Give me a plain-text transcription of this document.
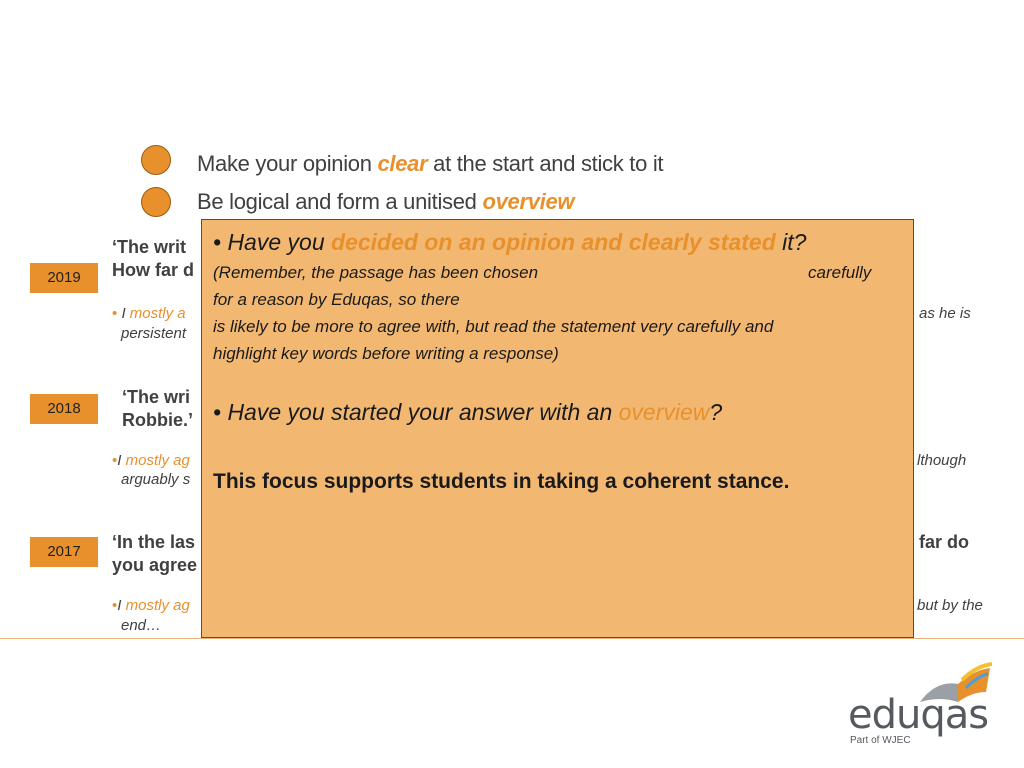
Make your opinion clear at the start and stick to it
Be logical and form a unitised overview
2019
2018
2017
‘The writ
How far d
• I mostly a	as he is
persistent
‘The wri
Robbie.’
•I mostly ag	lthough
arguably s
‘In the las	far do
you agree
•I mostly ag	but by the
end…
• Have you decided on an opinion and clearly stated it?
(Remember, the passage has been chosen	carefully
for a reason by Eduqas, so there
is likely to be more to agree with, but read the statement very carefully and
highlight key words before writing a response)
• Have you started your answer with an overview?
This focus supports students in taking a coherent stance.
eduqas
Part of WJEC
